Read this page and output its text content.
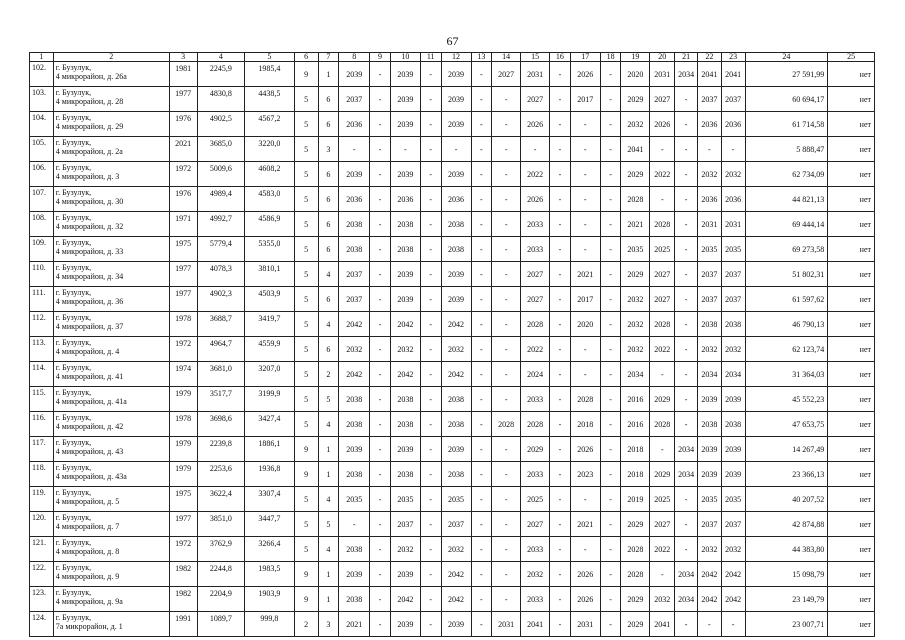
67
1	2	3	4	5	6	7	8	9	10	11	12	13	14	15	16	17	18	19	20	21	22	23	24	25
102.	г. Бузулук,
4 микрорайон, д. 26а	1981	2245,9	1985,4	9	1	2039	-	2039	-	2039	-	2027	2031	-	2026	-	2020	2031	2034	2041	2041	27 591,99	нет
103.	г. Бузулук,
4 микрорайон, д. 28	1977	4830,8	4438,5	5	6	2037	-	2039	-	2039	-	-	2027	-	2017	-	2029	2027	-	2037	2037	60 694,17	нет
104.	г. Бузулук,
4 микрорайон, д. 29	1976	4902,5	4567,2	5	6	2036	-	2039	-	2039	-	-	2026	-	-	-	2032	2026	-	2036	2036	61 714,58	нет
105.	г. Бузулук,
4 микрорайон, д. 2а	2021	3685,0	3220,0	5	3	-	-	-	-	-	-	-	-	-	-	-	2041	-	-	-	-	5 888,47	нет
106.	г. Бузулук,
4 микрорайон, д. 3	1972	5009,6	4608,2	5	6	2039	-	2039	-	2039	-	-	2022	-	-	-	2029	2022	-	2032	2032	62 734,09	нет
107.	г. Бузулук,
4 микрорайон, д. 30	1976	4989,4	4583,0	5	6	2036	-	2036	-	2036	-	-	2026	-	-	-	2028	-	-	2036	2036	44 821,13	нет
108.	г. Бузулук,
4 микрорайон, д. 32	1971	4992,7	4586,9	5	6	2038	-	2038	-	2038	-	-	2033	-	-	-	2021	2028	-	2031	2031	69 444,14	нет
109.	г. Бузулук,
4 микрорайон, д. 33	1975	5779,4	5355,0	5	6	2038	-	2038	-	2038	-	-	2033	-	-	-	2035	2025	-	2035	2035	69 273,58	нет
110.	г. Бузулук,
4 микрорайон, д. 34	1977	4078,3	3810,1	5	4	2037	-	2039	-	2039	-	-	2027	-	2021	-	2029	2027	-	2037	2037	51 802,31	нет
111.	г. Бузулук,
4 микрорайон, д. 36	1977	4902,3	4503,9	5	6	2037	-	2039	-	2039	-	-	2027	-	2017	-	2032	2027	-	2037	2037	61 597,62	нет
112.	г. Бузулук,
4 микрорайон, д. 37	1978	3688,7	3419,7	5	4	2042	-	2042	-	2042	-	-	2028	-	2020	-	2032	2028	-	2038	2038	46 790,13	нет
113.	г. Бузулук,
4 микрорайон, д. 4	1972	4964,7	4559,9	5	6	2032	-	2032	-	2032	-	-	2022	-	-	-	2032	2022	-	2032	2032	62 123,74	нет
114.	г. Бузулук,
4 микрорайон, д. 41	1974	3681,0	3207,0	5	2	2042	-	2042	-	2042	-	-	2024	-	-	-	2034	-	-	2034	2034	31 364,03	нет
115.	г. Бузулук,
4 микрорайон, д. 41а	1979	3517,7	3199,9	5	5	2038	-	2038	-	2038	-	-	2033	-	2028	-	2016	2029	-	2039	2039	45 552,23	нет
116.	г. Бузулук,
4 микрорайон, д. 42	1978	3698,6	3427,4	5	4	2038	-	2038	-	2038	-	2028	2028	-	2018	-	2016	2028	-	2038	2038	47 653,75	нет
117.	г. Бузулук,
4 микрорайон, д. 43	1979	2239,8	1886,1	9	1	2039	-	2039	-	2039	-	-	2029	-	2026	-	2018	-	2034	2039	2039	14 267,49	нет
118.	г. Бузулук,
4 микрорайон, д. 43а	1979	2253,6	1936,8	9	1	2038	-	2038	-	2038	-	-	2033	-	2023	-	2018	2029	2034	2039	2039	23 366,13	нет
119.	г. Бузулук,
4 микрорайон, д. 5	1975	3622,4	3307,4	5	4	2035	-	2035	-	2035	-	-	2025	-	-	-	2019	2025	-	2035	2035	40 207,52	нет
120.	г. Бузулук,
4 микрорайон, д. 7	1977	3851,0	3447,7	5	5	-	-	2037	-	2037	-	-	2027	-	2021	-	2029	2027	-	2037	2037	42 874,88	нет
121.	г. Бузулук,
4 микрорайон, д. 8	1972	3762,9	3266,4	5	4	2038	-	2032	-	2032	-	-	2033	-	-	-	2028	2022	-	2032	2032	44 383,80	нет
122.	г. Бузулук,
4 микрорайон, д. 9	1982	2244,8	1983,5	9	1	2039	-	2039	-	2042	-	-	2032	-	2026	-	2028	-	2034	2042	2042	15 098,79	нет
123.	г. Бузулук,
4 микрорайон, д. 9а	1982	2204,9	1903,9	9	1	2038	-	2042	-	2042	-	-	2033	-	2026	-	2029	2032	2034	2042	2042	23 149,79	нет
124.	г. Бузулук,
7а микрорайон, д. 1	1991	1089,7	999,8	2	3	2021	-	2039	-	2039	-	2031	2041	-	2031	-	2029	2041	-	-	-	23 007,71	нет
